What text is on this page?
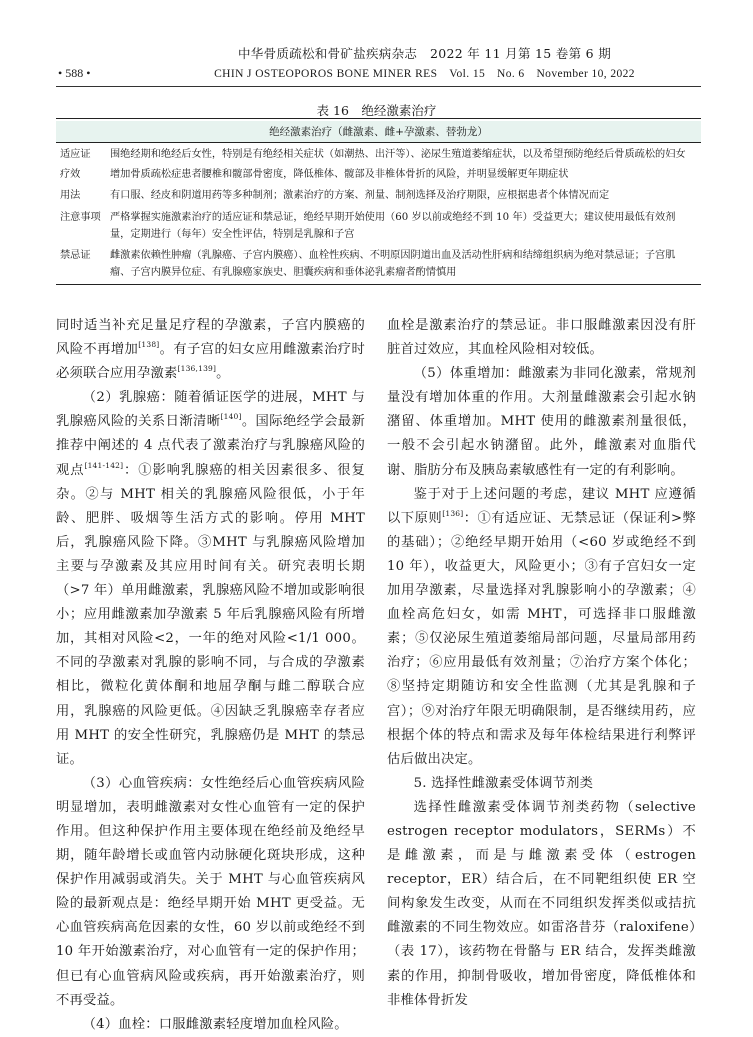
• 588 •
中华骨质疏松和骨矿盐疾病杂志　2022 年 11 月第 15 卷第 6 期
CHIN J OSTEOPOROS BONE MINER RES　Vol. 15　No. 6　November 10, 2022
表 16　绝经激素治疗
绝经激素治疗（雌激素、雌+孕激素、替勃龙）
适应证	围绝经期和绝经后女性，特别是有绝经相关症状（如潮热、出汗等）、泌尿生殖道萎缩症状，以及希望预防绝经后骨质疏松的妇女
疗效	增加骨质疏松症患者腰椎和髋部骨密度，降低椎体、髋部及非椎体骨折的风险，并明显缓解更年期症状
用法	有口服、经皮和阴道用药等多种制剂；激素治疗的方案、剂量、制剂选择及治疗期限，应根据患者个体情况而定
注意事项 严格掌握实施激素治疗的适应证和禁忌证，绝经早期开始使用（60 岁以前或绝经不到 10 年）受益更大；建议使用最低有效剂量，定期进行（每年）安全性评估，特别是乳腺和子宫
禁忌证	雌激素依赖性肿瘤（乳腺癌、子宫内膜癌）、血栓性疾病、不明原因阴道出血及活动性肝病和结缔组织病为绝对禁忌证；子宫肌瘤、子宫内膜异位症、有乳腺癌家族史、胆囊疾病和垂体泌乳素瘤者酌情慎用

同时适当补充足量足疗程的孕激素，子宫内膜癌的风险不再增加[138]。有子宫的妇女应用雌激素治疗时必须联合应用孕激素[136,139]。

（2）乳腺癌：随着循证医学的进展，MHT 与乳腺癌风险的关系日渐清晰[140]。国际绝经学会最新推荐中阐述的 4 点代表了激素治疗与乳腺癌风险的观点[141-142]：①影响乳腺癌的相关因素很多、很复杂。②与 MHT 相关的乳腺癌风险很低，小于年龄、肥胖、吸烟等生活方式的影响。停用 MHT 后，乳腺癌风险下降。③MHT 与乳腺癌风险增加主要与孕激素及其应用时间有关。研究表明长期（>7 年）单用雌激素，乳腺癌风险不增加或影响很小；应用雌激素加孕激素 5 年后乳腺癌风险有所增加，其相对风险<2，一年的绝对风险<1/1 000。不同的孕激素对乳腺的影响不同，与合成的孕激素相比，微粒化黄体酮和地屈孕酮与雌二醇联合应用，乳腺癌的风险更低。④因缺乏乳腺癌幸存者应用 MHT 的安全性研究，乳腺癌仍是 MHT 的禁忌证。

（3）心血管疾病：女性绝经后心血管疾病风险明显增加，表明雌激素对女性心血管有一定的保护作用。但这种保护作用主要体现在绝经前及绝经早期，随年龄增长或血管内动脉硬化斑块形成，这种保护作用减弱或消失。关于 MHT 与心血管疾病风险的最新观点是：绝经早期开始 MHT 更受益。无心血管疾病高危因素的女性，60 岁以前或绝经不到 10 年开始激素治疗，对心血管有一定的保护作用；但已有心血管病风险或疾病，再开始激素治疗，则不再受益。

（4）血栓：口服雌激素轻度增加血栓风险。

血栓是激素治疗的禁忌证。非口服雌激素因没有肝脏首过效应，其血栓风险相对较低。

（5）体重增加：雌激素为非同化激素，常规剂量没有增加体重的作用。大剂量雌激素会引起水钠潴留、体重增加。MHT 使用的雌激素剂量很低，一般不会引起水钠潴留。此外，雌激素对血脂代谢、脂肪分布及胰岛素敏感性有一定的有利影响。

鉴于对于上述问题的考虑，建议 MHT 应遵循以下原则[136]：①有适应证、无禁忌证（保证利>弊的基础）；②绝经早期开始用（<60 岁或绝经不到 10 年），收益更大，风险更小；③有子宫妇女一定加用孕激素，尽量选择对乳腺影响小的孕激素；④血栓高危妇女，如需 MHT，可选择非口服雌激素；⑤仅泌尿生殖道萎缩局部问题，尽量局部用药治疗；⑥应用最低有效剂量；⑦治疗方案个体化；⑧坚持定期随访和安全性监测（尤其是乳腺和子宫）；⑨对治疗年限无明确限制，是否继续用药，应根据个体的特点和需求及每年体检结果进行利弊评估后做出决定。

5. 选择性雌激素受体调节剂类

选择性雌激素受体调节剂类药物（selective estrogen receptor modulators，SERMs）不是雌激素，而是与雌激素受体（estrogen receptor，ER）结合后，在不同靶组织使 ER 空间构象发生改变，从而在不同组织发挥类似或拮抗雌激素的不同生物效应。如雷洛昔芬（raloxifene）（表 17），该药物在骨骼与 ER 结合，发挥类雌激素的作用，抑制骨吸收，增加骨密度，降低椎体和非椎体骨折发
